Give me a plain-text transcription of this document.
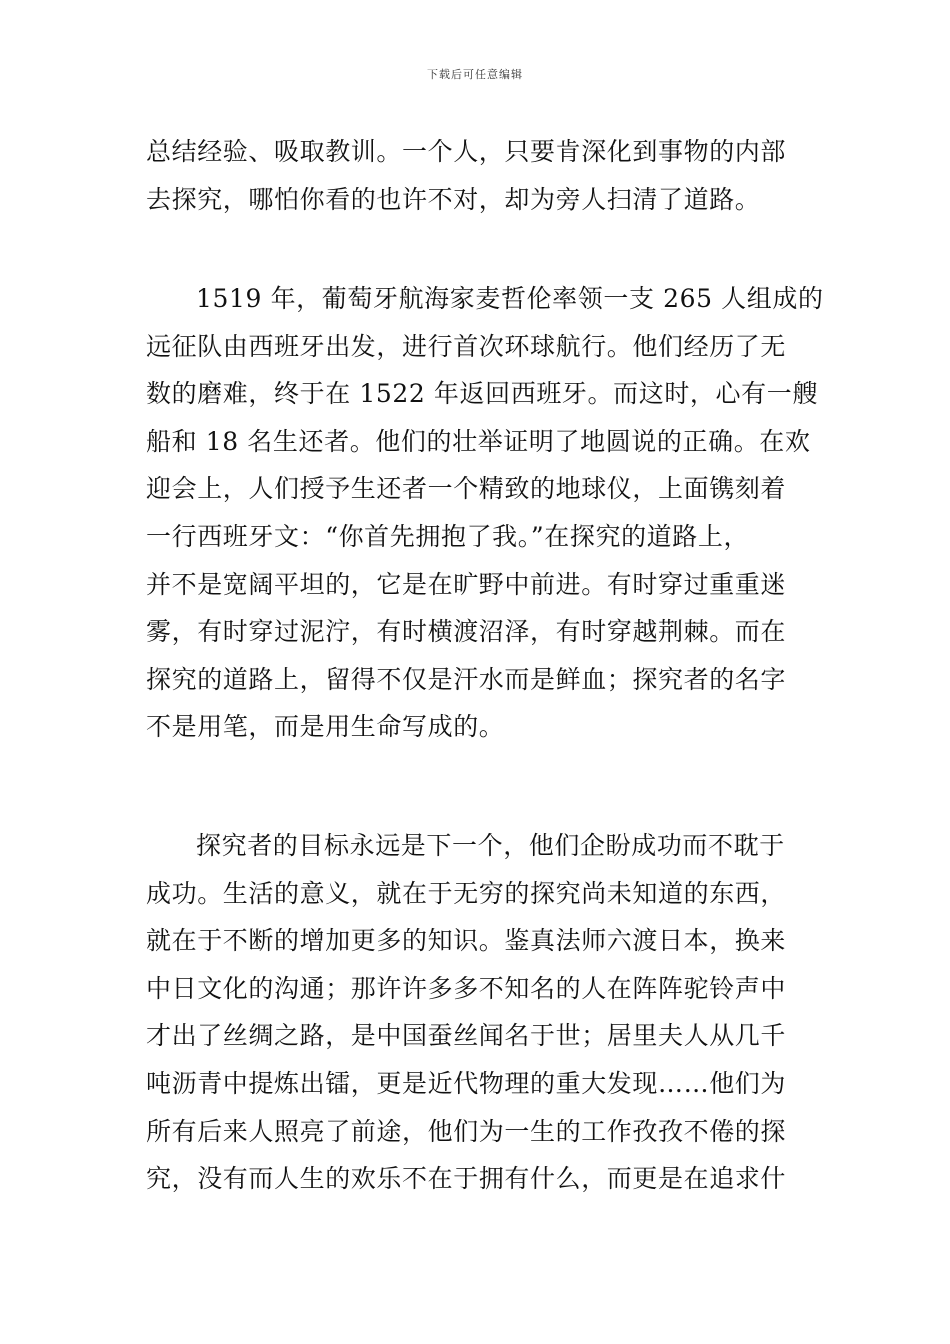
下载后可任意编辑
总结经验、吸取教训。一个人，只要肯深化到事物的内部
去探究，哪怕你看的也许不对，却为旁人扫清了道路。
1519 年，葡萄牙航海家麦哲伦率领一支 265 人组成的
远征队由西班牙出发，进行首次环球航行。他们经历了无
数的磨难，终于在 1522 年返回西班牙。而这时，心有一艘
船和 18 名生还者。他们的壮举证明了地圆说的正确。在欢
迎会上，人们授予生还者一个精致的地球仪，上面镌刻着
一行西班牙文：“你首先拥抱了我。”在探究的道路上，
并不是宽阔平坦的，它是在旷野中前进。有时穿过重重迷
雾，有时穿过泥泞，有时横渡沼泽，有时穿越荆棘。而在
探究的道路上，留得不仅是汗水而是鲜血；探究者的名字
不是用笔，而是用生命写成的。
探究者的目标永远是下一个，他们企盼成功而不耽于
成功。生活的意义，就在于无穷的探究尚未知道的东西，
就在于不断的增加更多的知识。鉴真法师六渡日本，换来
中日文化的沟通；那许许多多不知名的人在阵阵驼铃声中
才出了丝绸之路，是中国蚕丝闻名于世；居里夫人从几千
吨沥青中提炼出镭，更是近代物理的重大发现……他们为
所有后来人照亮了前途，他们为一生的工作孜孜不倦的探
究，没有而人生的欢乐不在于拥有什么，而更是在追求什
